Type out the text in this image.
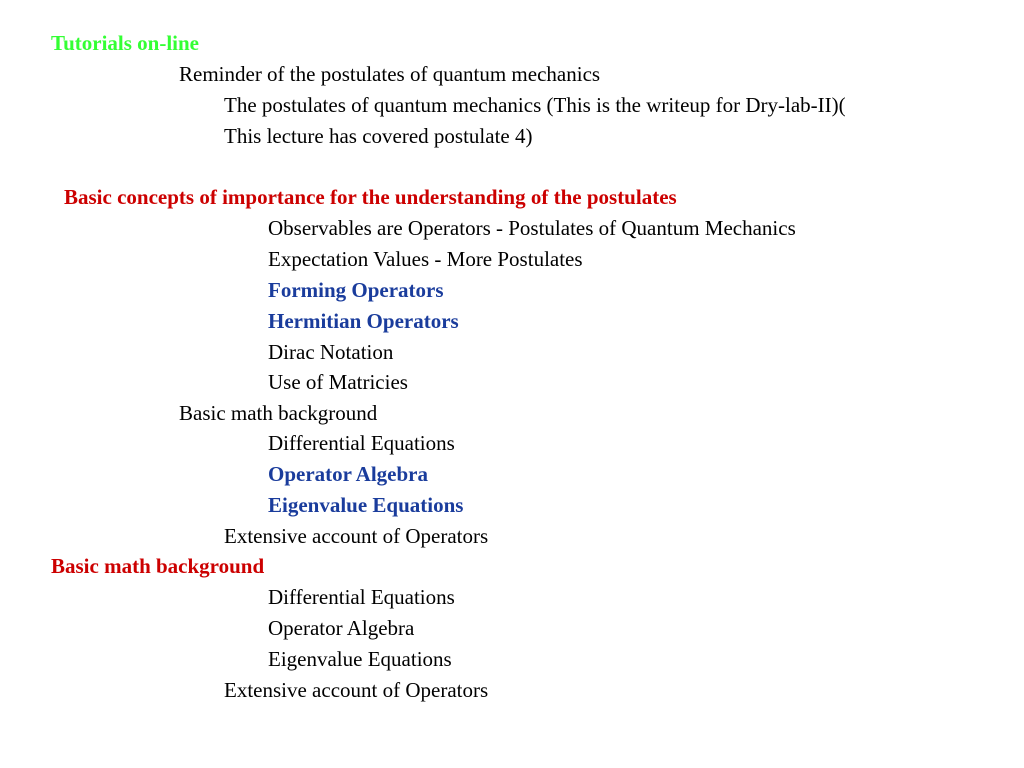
Tutorials on-line
Reminder of the postulates of quantum mechanics
The postulates of quantum mechanics (This is the writeup for Dry-lab-II)(
This lecture has covered postulate 4)
Basic concepts of importance for the understanding of the postulates
Observables are Operators - Postulates of Quantum Mechanics
Expectation Values - More Postulates
Forming Operators
Hermitian Operators
Dirac Notation
Use of Matricies
Basic math background
Differential Equations
Operator Algebra
Eigenvalue Equations
Extensive account of Operators
Basic math background
Differential Equations
Operator Algebra
Eigenvalue Equations
Extensive account of Operators
